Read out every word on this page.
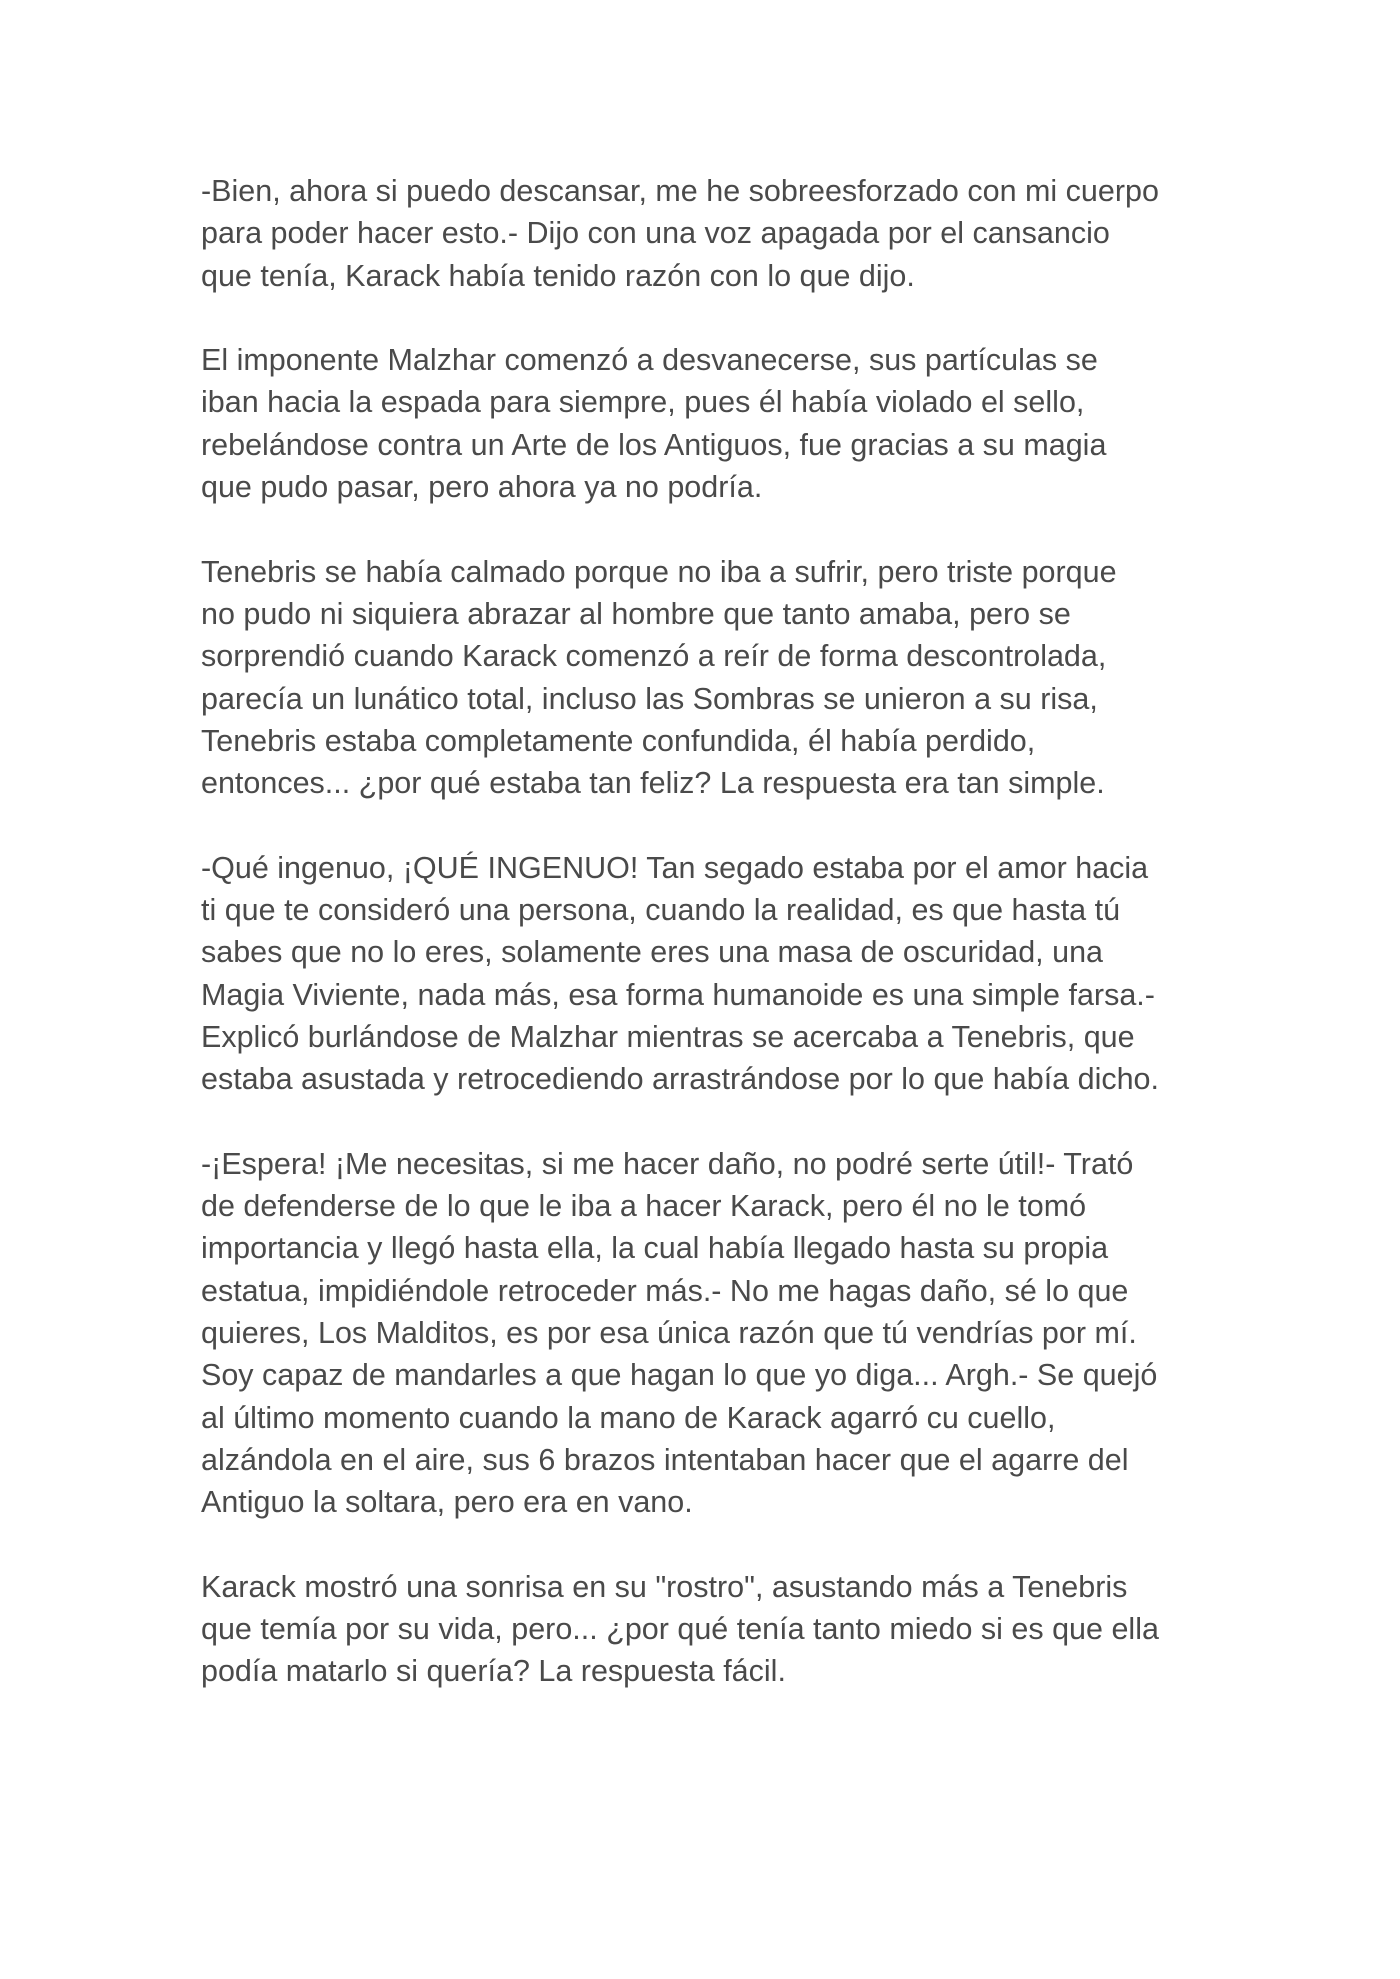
-Bien, ahora si puedo descansar, me he sobreesforzado con mi cuerpo
para poder hacer esto.- Dijo con una voz apagada por el cansancio
que tenía, Karack había tenido razón con lo que dijo.

El imponente Malzhar comenzó a desvanecerse, sus partículas se
iban hacia la espada para siempre, pues él había violado el sello,
rebelándose contra un Arte de los Antiguos, fue gracias a su magia
que pudo pasar, pero ahora ya no podría.

Tenebris se había calmado porque no iba a sufrir, pero triste porque
no pudo ni siquiera abrazar al hombre que tanto amaba, pero se
sorprendió cuando Karack comenzó a reír de forma descontrolada,
parecía un lunático total, incluso las Sombras se unieron a su risa,
Tenebris estaba completamente confundida, él había perdido,
entonces... ¿por qué estaba tan feliz? La respuesta era tan simple.

-Qué ingenuo, ¡QUÉ INGENUO! Tan segado estaba por el amor hacia
ti que te consideró una persona, cuando la realidad, es que hasta tú
sabes que no lo eres, solamente eres una masa de oscuridad, una
Magia Viviente, nada más, esa forma humanoide es una simple farsa.-
Explicó burlándose de Malzhar mientras se acercaba a Tenebris, que
estaba asustada y retrocediendo arrastrándose por lo que había dicho.

-¡Espera! ¡Me necesitas, si me hacer daño, no podré serte útil!- Trató
de defenderse de lo que le iba a hacer Karack, pero él no le tomó
importancia y llegó hasta ella, la cual había llegado hasta su propia
estatua, impidiéndole retroceder más.- No me hagas daño, sé lo que
quieres, Los Malditos, es por esa única razón que tú vendrías por mí.
Soy capaz de mandarles a que hagan lo que yo diga... Argh.- Se quejó
al último momento cuando la mano de Karack agarró cu cuello,
alzándola en el aire, sus 6 brazos intentaban hacer que el agarre del
Antiguo la soltara, pero era en vano.

Karack mostró una sonrisa en su "rostro", asustando más a Tenebris
que temía por su vida, pero... ¿por qué tenía tanto miedo si es que ella
podía matarlo si quería? La respuesta fácil.
